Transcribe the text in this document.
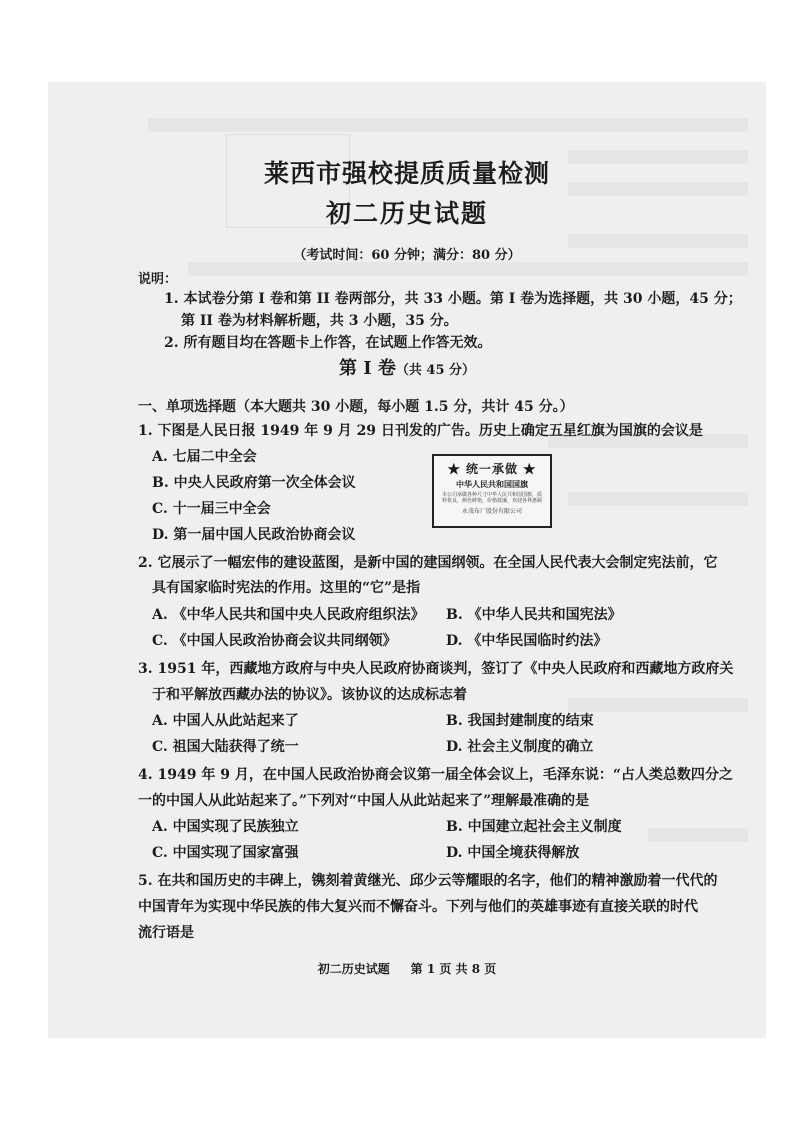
莱西市强校提质质量检测
初二历史试题
（考试时间：60 分钟；满分：80 分）
说明：
1. 本试卷分第 I 卷和第 II 卷两部分，共 33 小题。第 I 卷为选择题，共 30 小题，45 分；
第 II 卷为材料解析题，共 3 小题，35 分。
2. 所有题目均在答题卡上作答，在试题上作答无效。
第 I 卷（共 45 分）
一、单项选择题（本大题共 30 小题，每小题 1.5 分，共计 45 分。）
1. 下图是人民日报 1949 年 9 月 29 日刊发的广告。历史上确定五星红旗为国旗的会议是
A. 七届二中全会
B. 中央人民政府第一次全体会议
C. 十一届三中全会
D. 第一届中国人民政治协商会议
★ 统一承做 ★
中华人民共和国国旗
本公司承做各种尺寸中华人民共和国国旗，质料优良，颜色鲜艳，价格低廉，欢迎各界惠顾
永茂布厂股份有限公司
2. 它展示了一幅宏伟的建设蓝图，是新中国的建国纲领。在全国人民代表大会制定宪法前，它
具有国家临时宪法的作用。这里的“它”是指
A. 《中华人民共和国中央人民政府组织法》 B. 《中华人民共和国宪法》
C. 《中国人民政治协商会议共同纲领》	D. 《中华民国临时约法》
3. 1951 年，西藏地方政府与中央人民政府协商谈判，签订了《中央人民政府和西藏地方政府关
于和平解放西藏办法的协议》。该协议的达成标志着
A. 中国人从此站起来了	B. 我国封建制度的结束
C. 祖国大陆获得了统一	D. 社会主义制度的确立
4. 1949 年 9 月，在中国人民政治协商会议第一届全体会议上，毛泽东说：“占人类总数四分之
一的中国人从此站起来了。”下列对“中国人从此站起来了”理解最准确的是
A. 中国实现了民族独立	B. 中国建立起社会主义制度
C. 中国实现了国家富强	D. 中国全境获得解放
5. 在共和国历史的丰碑上，镌刻着黄继光、邱少云等耀眼的名字，他们的精神激励着一代代的
中国青年为实现中华民族的伟大复兴而不懈奋斗。下列与他们的英雄事迹有直接关联的时代
流行语是
初二历史试题 第 1 页 共 8 页
